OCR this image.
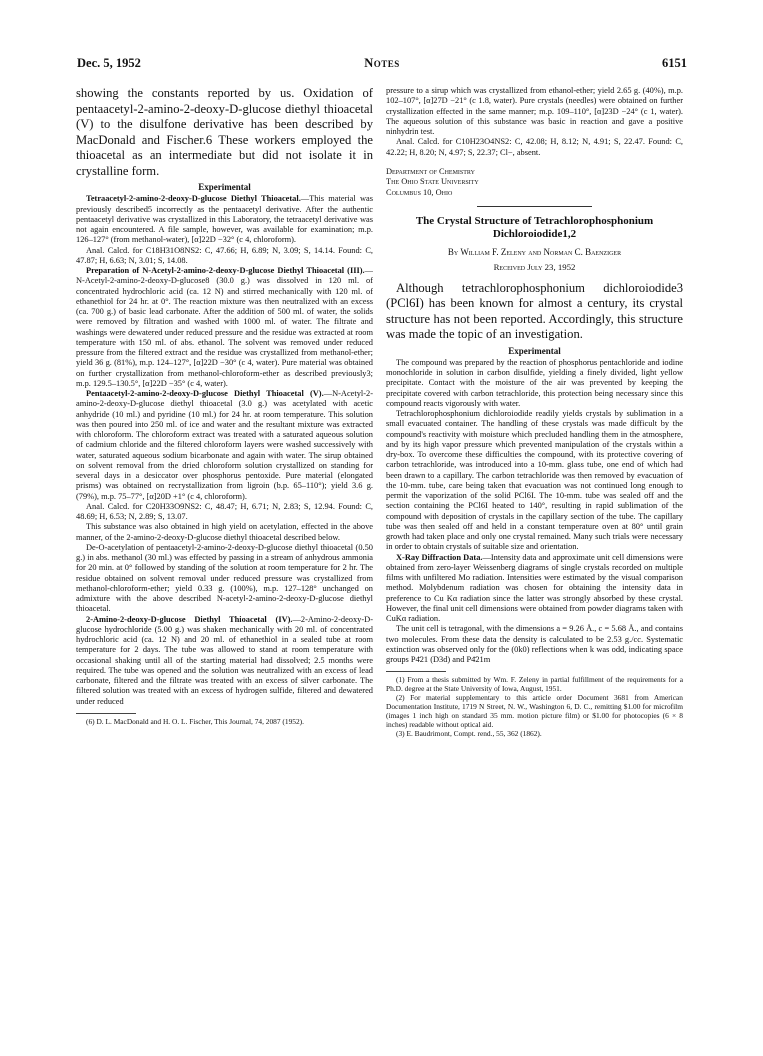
Dec. 5, 1952	Notes	6151

showing the constants reported by us. Oxidation of pentaacetyl-2-amino-2-deoxy-D-glucose diethyl thioacetal (V) to the disulfone derivative has been described by MacDonald and Fischer.6 These workers employed the thioacetal as an intermediate but did not isolate it in crystalline form.

Experimental

Tetraacetyl-2-amino-2-deoxy-D-glucose Diethyl Thioacetal.—This material was previously described5 incorrectly as the pentaacetyl derivative. After the authentic pentaacetyl derivative was crystallized in this Laboratory, the tetraacetyl derivative was not again encountered. A file sample, however, was available for examination; m.p. 126–127° (from methanol-water), [α]22D −32° (c 4, chloroform).

Anal. Calcd. for C18H31O8NS2: C, 47.66; H, 6.89; N, 3.09; S, 14.14. Found: C, 47.87; H, 6.63; N, 3.01; S, 14.08.

Preparation of N-Acetyl-2-amino-2-deoxy-D-glucose Diethyl Thioacetal (III).—N-Acetyl-2-amino-2-deoxy-D-glucose8 (30.0 g.) was dissolved in 120 ml. of concentrated hydrochloric acid (ca. 12 N) and stirred mechanically with 120 ml. of ethanethiol for 24 hr. at 0°. The reaction mixture was then neutralized with an excess (ca. 700 g.) of basic lead carbonate. After the addition of 500 ml. of water, the solids were removed by filtration and washed with 1000 ml. of water. The filtrate and washings were dewatered under reduced pressure and the residue was extracted at room temperature with 150 ml. of abs. ethanol. The solvent was removed under reduced pressure from the filtered extract and the residue was crystallized from methanol-ether; yield 36 g. (81%), m.p. 124–127°, [α]22D −30° (c 4, water). Pure material was obtained on further crystallization from methanol-chloroform-ether as described previously3; m.p. 129.5–130.5°, [α]22D −35° (c 4, water).

Pentaacetyl-2-amino-2-deoxy-D-glucose Diethyl Thioacetal (V).—N-Acetyl-2-amino-2-deoxy-D-glucose diethyl thioacetal (3.0 g.) was acetylated with acetic anhydride (10 ml.) and pyridine (10 ml.) for 24 hr. at room temperature. This solution was then poured into 250 ml. of ice and water and the resultant mixture was extracted with chloroform. The chloroform extract was treated with a saturated aqueous solution of cadmium chloride and the filtered chloroform layers were washed successively with water, saturated aqueous sodium bicarbonate and again with water. The sirup obtained on solvent removal from the dried chloroform solution crystallized on standing for several days in a desiccator over phosphorus pentoxide. Pure material (elongated prisms) was obtained on recrystallization from ligroin (b.p. 65–110°); yield 3.6 g. (79%), m.p. 75–77°, [α]20D +1° (c 4, chloroform).

Anal. Calcd. for C20H33O9NS2: C, 48.47; H, 6.71; N, 2.83; S, 12.94. Found: C, 48.69; H, 6.53; N, 2.89; S, 13.07.

This substance was also obtained in high yield on acetylation, effected in the above manner, of the 2-amino-2-deoxy-D-glucose diethyl thioacetal described below.

De-O-acetylation of pentaacetyl-2-amino-2-deoxy-D-glucose diethyl thioacetal (0.50 g.) in abs. methanol (30 ml.) was effected by passing in a stream of anhydrous ammonia for 20 min. at 0° followed by standing of the solution at room temperature for 2 hr. The residue obtained on solvent removal under reduced pressure was crystallized from methanol-chloroform-ether; yield 0.33 g. (100%), m.p. 127–128° unchanged on admixture with the above described N-acetyl-2-amino-2-deoxy-D-glucose diethyl thioacetal.

2-Amino-2-deoxy-D-glucose Diethyl Thioacetal (IV).—2-Amino-2-deoxy-D-glucose hydrochloride (5.00 g.) was shaken mechanically with 20 ml. of concentrated hydrochloric acid (ca. 12 N) and 20 ml. of ethanethiol in a sealed tube at room temperature for 2 days. The tube was allowed to stand at room temperature with occasional shaking until all of the starting material had dissolved; 2.5 months were required. The tube was opened and the solution was neutralized with an excess of lead carbonate, filtered and the filtrate was treated with an excess of silver carbonate. The filtered solution was treated with an excess of hydrogen sulfide, filtered and dewatered under reduced

(6) D. L. MacDonald and H. O. L. Fischer, This Journal, 74, 2087 (1952).

pressure to a sirup which was crystallized from ethanol-ether; yield 2.65 g. (40%), m.p. 102–107°, [α]27D −21° (c 1.8, water). Pure crystals (needles) were obtained on further crystallization effected in the same manner; m.p. 109–110°, [α]23D −24° (c 1, water). The aqueous solution of this substance was basic in reaction and gave a positive ninhydrin test.

Anal. Calcd. for C10H23O4NS2: C, 42.08; H, 8.12; N, 4.91; S, 22.47. Found: C, 42.22; H, 8.20; N, 4.97; S, 22.37; Cl−, absent.

Department of Chemistry
The Ohio State University
Columbus 10, Ohio
The Crystal Structure of Tetrachlorophosphonium Dichloroiodide1,2
By William F. Zeleny and Norman C. Baenziger
Received July 23, 1952

Although tetrachlorophosphonium dichloroiodide3 (PCl6I) has been known for almost a century, its crystal structure has not been reported. Accordingly, this structure was made the topic of an investigation.

Experimental

The compound was prepared by the reaction of phosphorus pentachloride and iodine monochloride in solution in carbon disulfide, yielding a finely divided, light yellow precipitate. Contact with the moisture of the air was prevented by keeping the precipitate covered with carbon tetrachloride, this protection being necessary since this compound reacts vigorously with water.

Tetrachlorophosphonium dichloroiodide readily yields crystals by sublimation in a small evacuated container. The handling of these crystals was made difficult by the compound's reactivity with moisture which precluded handling them in the atmosphere, and by its high vapor pressure which prevented manipulation of the crystals within a dry-box. To overcome these difficulties the compound, with its protective covering of carbon tetrachloride, was introduced into a 10-mm. glass tube, one end of which had been drawn to a capillary. The carbon tetrachloride was then removed by evacuation of the 10-mm. tube, care being taken that evacuation was not continued long enough to permit the vaporization of the solid PCl6I. The 10-mm. tube was sealed off and the section containing the PCl6I heated to 140°, resulting in rapid sublimation of the compound with deposition of crystals in the capillary section of the tube. The capillary tube was then sealed off and held in a constant temperature oven at 80° until grain growth had taken place and only one crystal remained. Many such trials were necessary in order to obtain crystals of suitable size and orientation.

X-Ray Diffraction Data.—Intensity data and approximate unit cell dimensions were obtained from zero-layer Weissenberg diagrams of single crystals recorded on multiple films with unfiltered Mo radiation. Intensities were estimated by the visual comparison method. Molybdenum radiation was chosen for obtaining the intensity data in preference to Cu Kα radiation since the latter was strongly absorbed by these crystal. However, the final unit cell dimensions were obtained from powder diagrams taken with CuKα radiation.

The unit cell is tetragonal, with the dimensions a = 9.26 Å., c = 5.68 Å., and contains two molecules. From these data the density is calculated to be 2.53 g./cc. Systematic extinction was observed only for the (0k0) reflections when k was odd, indicating space groups P4̄21 (D3d) and P4̄21m

(1) From a thesis submitted by Wm. F. Zeleny in partial fulfillment of the requirements for a Ph.D. degree at the State University of Iowa, August, 1951.

(2) For material supplementary to this article order Document 3681 from American Documentation Institute, 1719 N Street, N. W., Washington 6, D. C., remitting $1.00 for microfilm (images 1 inch high on standard 35 mm. motion picture film) or $1.00 for photocopies (6 × 8 inches) readable without optical aid.

(3) E. Baudrimont, Compt. rend., 55, 362 (1862).
